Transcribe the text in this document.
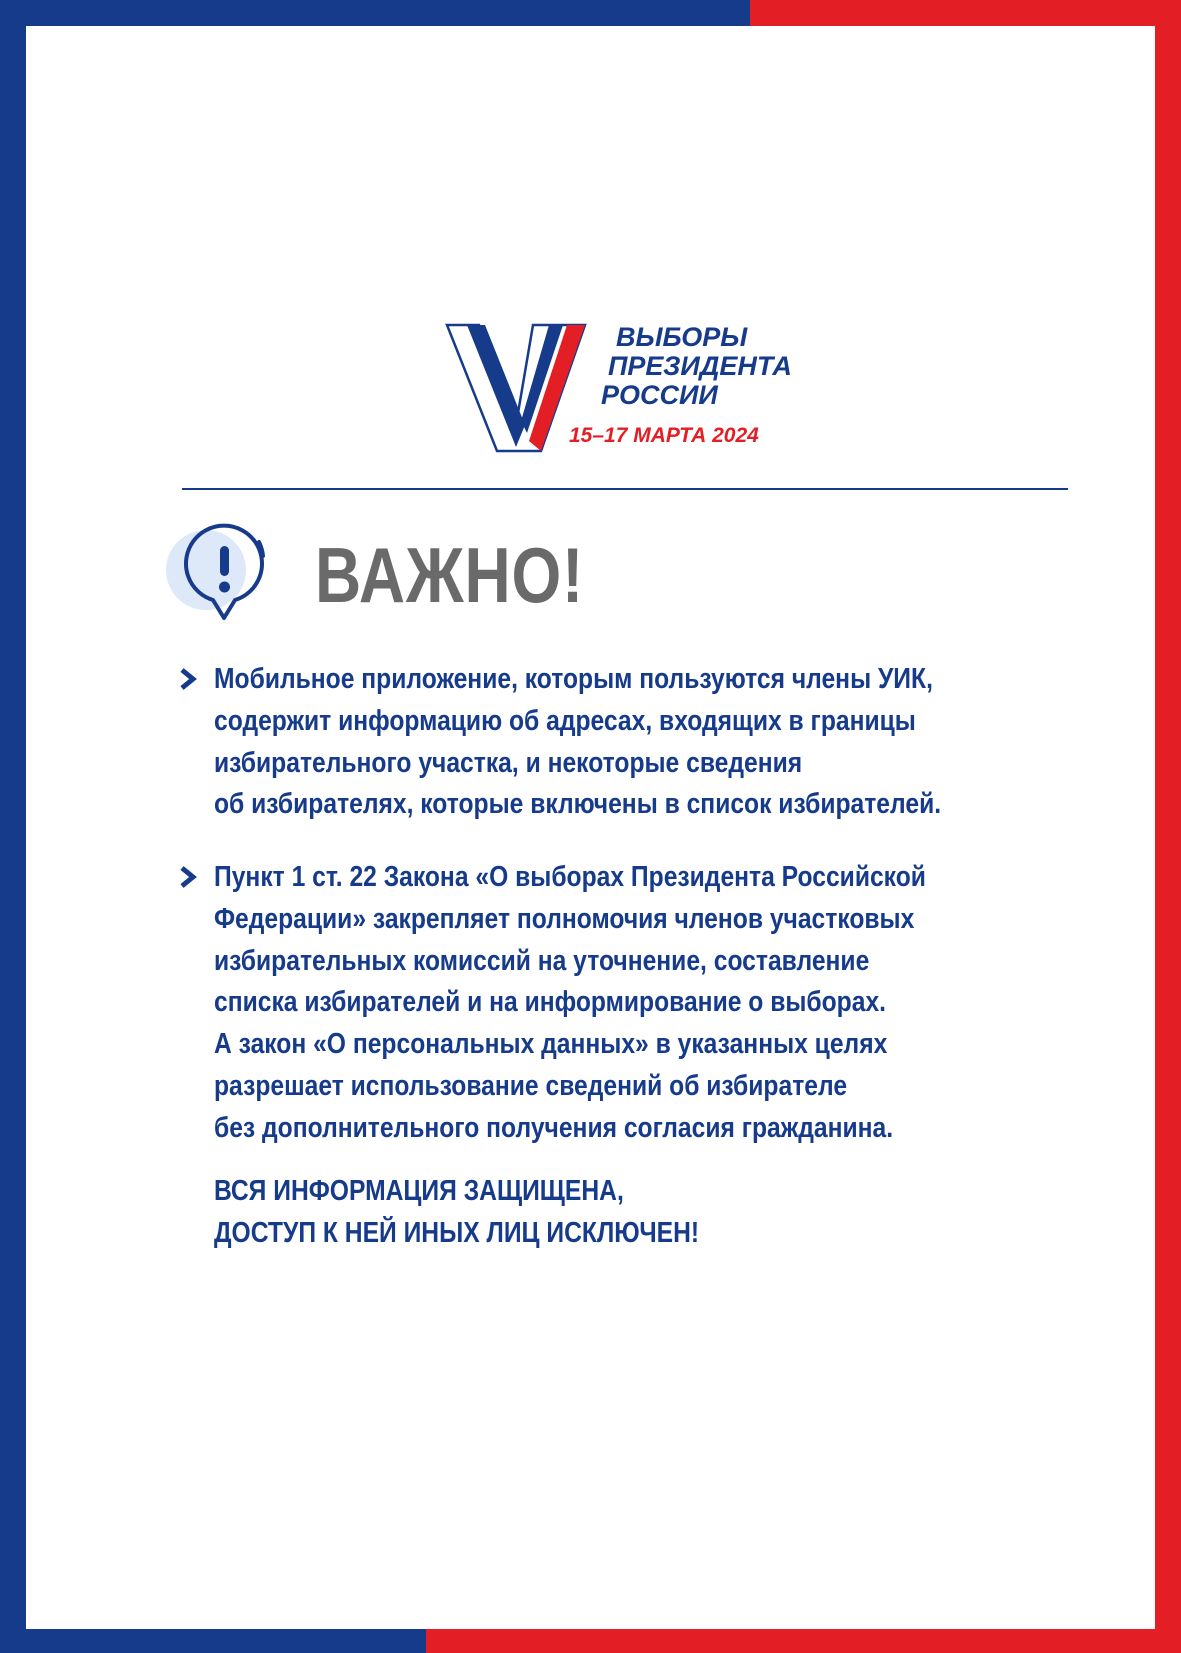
ВЫБОРЫ
ПРЕЗИДЕНТА
РОССИИ
15–17 МАРТА 2024
ВАЖНО!
Мобильное приложение, которым пользуются члены УИК,
содержит информацию об адресах, входящих в границы
избирательного участка, и некоторые сведения
об избирателях, которые включены в список избирателей.
Пункт 1 ст. 22 Закона «О выборах Президента Российской
Федерации» закрепляет полномочия членов участковых
избирательных комиссий на уточнение, составление
списка избирателей и на информирование о выборах.
А закон «О персональных данных» в указанных целях
разрешает использование сведений об избирателе
без дополнительного получения согласия гражданина.
ВСЯ ИНФОРМАЦИЯ ЗАЩИЩЕНА,
ДОСТУП К НЕЙ ИНЫХ ЛИЦ ИСКЛЮЧЕН!
